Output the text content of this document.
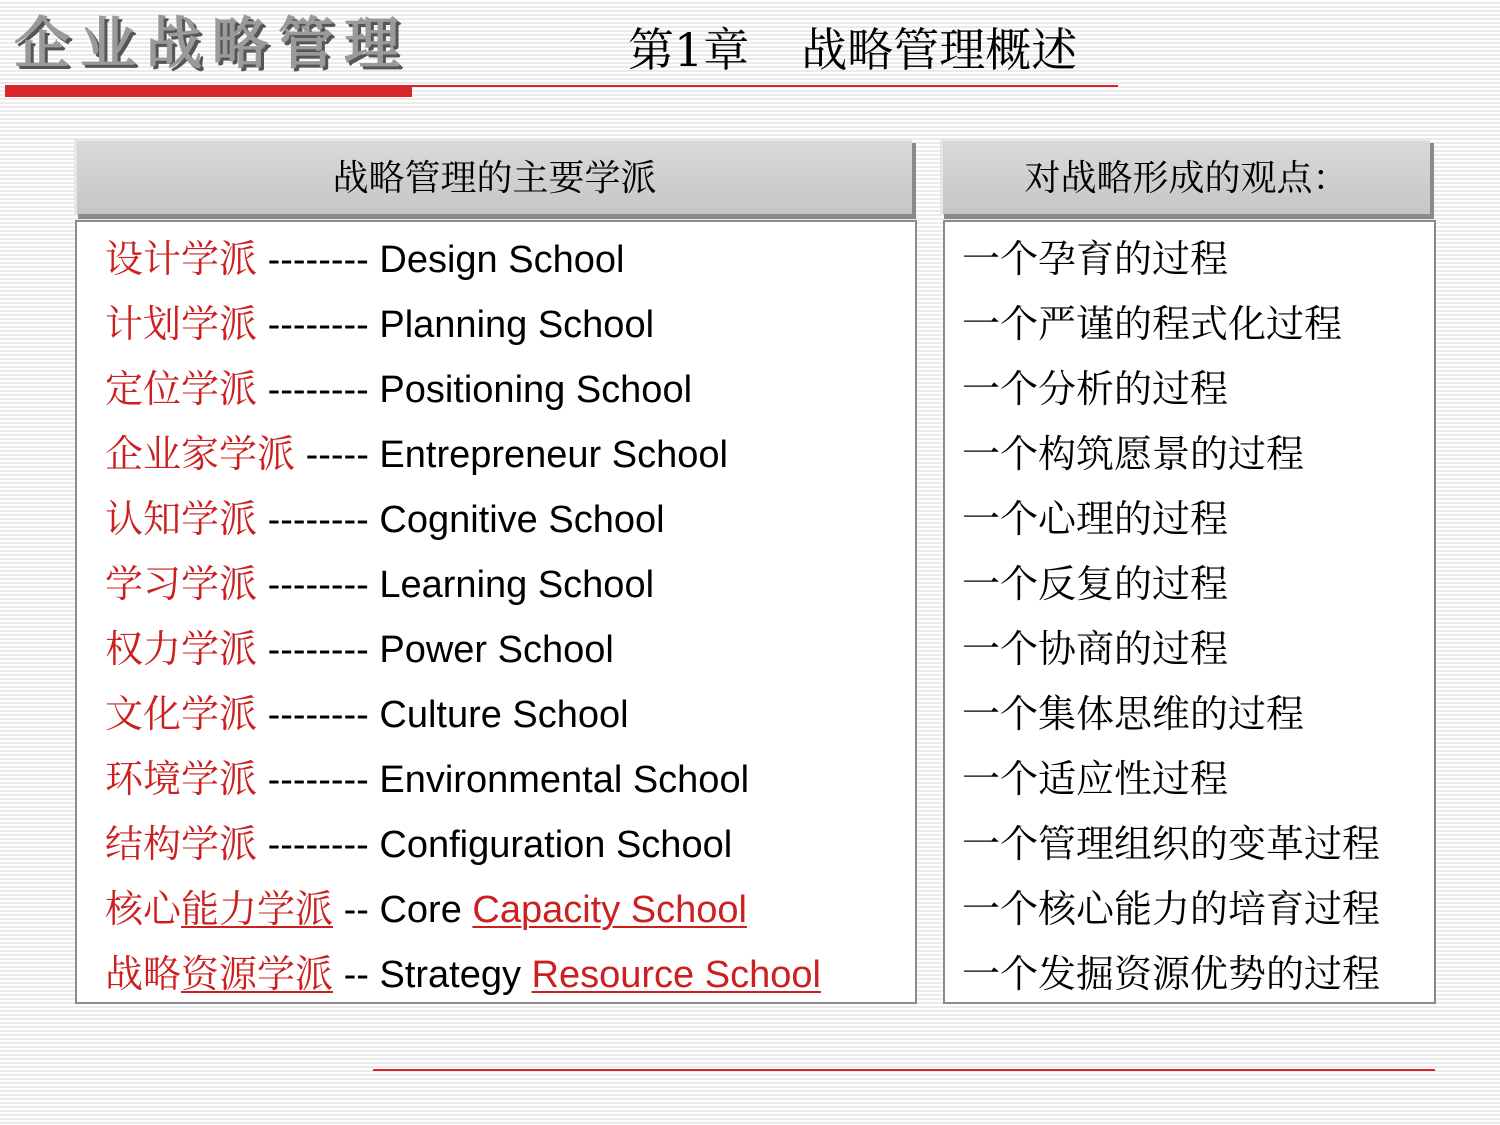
企业战略管理	第1章 战略管理概述
战略管理的主要学派
设计学派 -------- Design School
计划学派 -------- Planning School
定位学派 -------- Positioning School
企业家学派 ----- Entrepreneur School
认知学派 -------- Cognitive School
学习学派 -------- Learning School
权力学派 -------- Power School
文化学派 -------- Culture School
环境学派 -------- Environmental School
结构学派 -------- Configuration School
核心能力学派 -- Core Capacity School
战略资源学派 -- Strategy Resource School
对战略形成的观点：
一个孕育的过程
一个严谨的程式化过程
一个分析的过程
一个构筑愿景的过程
一个心理的过程
一个反复的过程
一个协商的过程
一个集体思维的过程
一个适应性过程
一个管理组织的变革过程
一个核心能力的培育过程
一个发掘资源优势的过程
